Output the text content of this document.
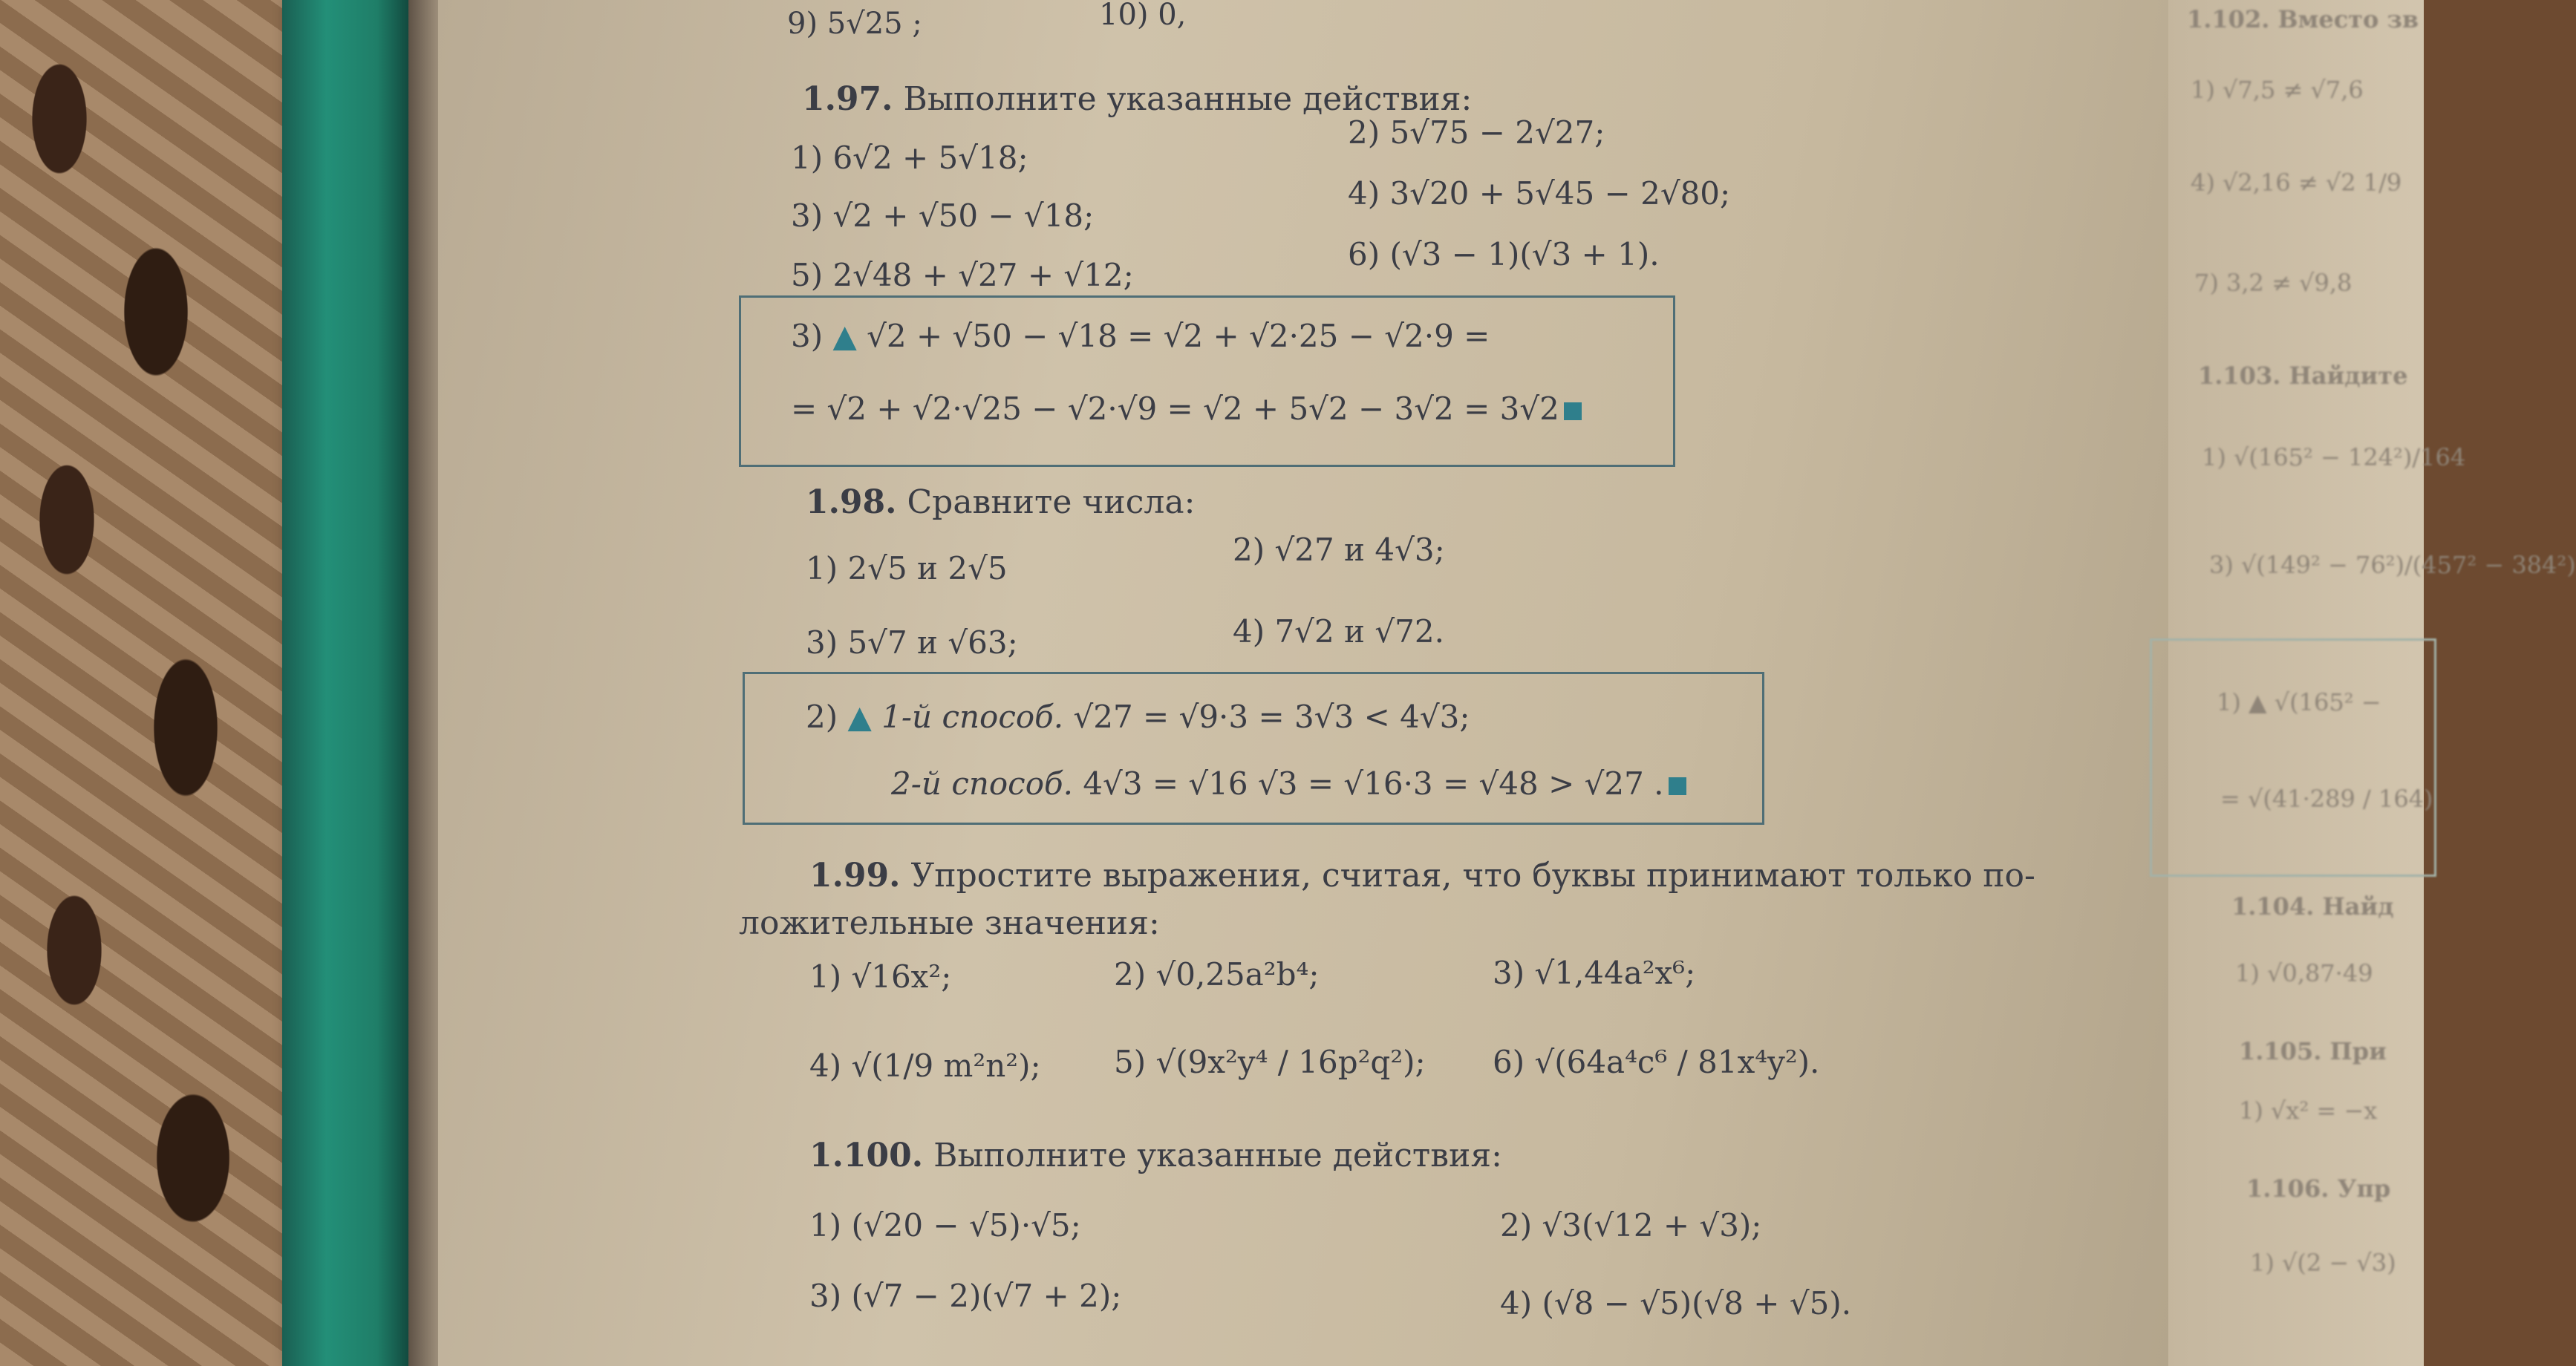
9) 5√25 ;	10) 0,
1.97. Выполните указанные действия:
1) 6√2 + 5√18;
2) 5√75 − 2√27;
3) √2 + √50 − √18;
4) 3√20 + 5√45 − 2√80;
5) 2√48 + √27 + √12;
6) (√3 − 1)(√3 + 1).
3) ▲ √2 + √50 − √18 = √2 + √2·25 − √2·9 =
= √2 + √2·√25 − √2·√9 = √2 + 5√2 − 3√2 = 3√2
1.98. Сравните числа:
1) 2√5 и 2√5
2) √27 и 4√3;
3) 5√7 и √63;	4) 7√2 и √72.
2) ▲ 1-й способ. √27 = √9·3 = 3√3 < 4√3;
2-й способ. 4√3 = √16 √3 = √16·3 = √48 > √27 .
1.99. Упростите выражения, считая, что буквы принимают только по-
ложительные значения:
1) √16x²;	2) √0,25a²b⁴;	3) √1,44a²x⁶;
4) √(1/9 m²n²); 5) √(9x²y⁴ / 16p²q²); 6) √(64a⁴c⁶ / 81x⁴y²).
1.100. Выполните указанные действия:
1) (√20 − √5)·√5;	2) √3(√12 + √3);
3) (√7 − 2)(√7 + 2);	4) (√8 − √5)(√8 + √5).
1.102. Вместо зв
1) √7,5 ≠ √7,6
4) √2,16 ≠ √2 1/9
7) 3,2 ≠ √9,8
1.103. Найдите
1) √(165² − 124²)/164
3) √(149² − 76²)/(457² − 384²)
1) ▲ √(165² −
= √(41·289 / 164)
1.104. Найд
1) √0,87·49
1.105. При
1) √x² = −x
1.106. Упр
1) √(2 − √3)
